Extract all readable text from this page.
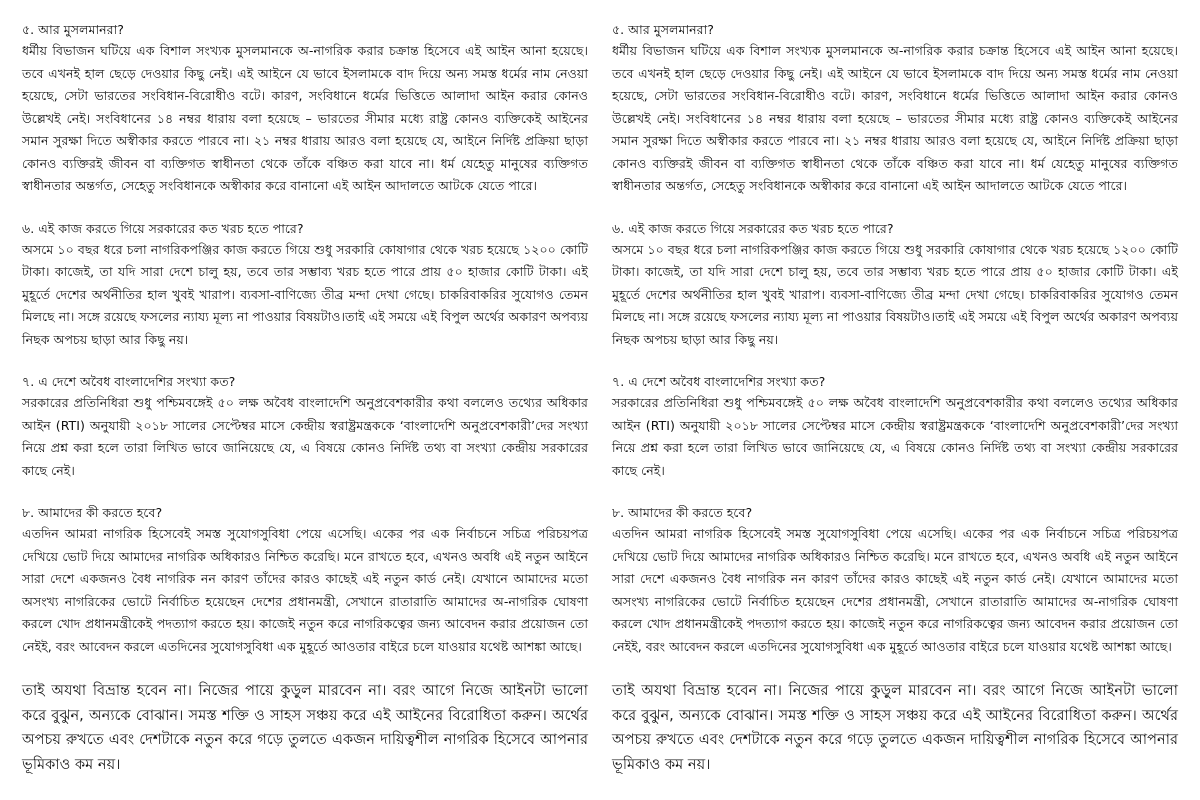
৫. আর মুসলমানরা?

ধর্মীয় বিভাজন ঘটিয়ে এক বিশাল সংখ্যক মুসলমানকে অ-নাগরিক করার চক্রান্ত হিসেবে এই আইন আনা হয়েছে। তবে এখনই হাল ছেড়ে দেওয়ার কিছু নেই। এই আইনে যে ভাবে ইসলামকে বাদ দিয়ে অন্য সমস্ত ধর্মের নাম নেওয়া হয়েছে, সেটা ভারতের সংবিধান-বিরোধীও বটে। কারণ, সংবিধানে ধর্মের ভিত্তিতে আলাদা আইন করার কোনও উল্লেখই নেই। সংবিধানের ১৪ নম্বর ধারায় বলা হয়েছে – ভারতের সীমার মধ্যে রাষ্ট্র কোনও ব্যক্তিকেই আইনের সমান সুরক্ষা দিতে অস্বীকার করতে পারবে না। ২১ নম্বর ধারায় আরও বলা হয়েছে যে, আইনে নির্দিষ্ট প্রক্রিয়া ছাড়া কোনও ব্যক্তিরই জীবন বা ব্যক্তিগত স্বাধীনতা থেকে তাঁকে বঞ্চিত করা যাবে না। ধর্ম যেহেতু মানুষের ব্যক্তিগত স্বাধীনতার অন্তর্গত, সেহেতু সংবিধানকে অস্বীকার করে বানানো এই আইন আদালতে আটকে যেতে পারে।

৬. এই কাজ করতে গিয়ে সরকারের কত খরচ হতে পারে?

অসমে ১০ বছর ধরে চলা নাগরিকপঞ্জির কাজ করতে গিয়ে শুধু সরকারি কোষাগার থেকে খরচ হয়েছে ১২০০ কোটি টাকা। কাজেই, তা যদি সারা দেশে চালু হয়, তবে তার সম্ভাব্য খরচ হতে পারে প্রায় ৫০ হাজার কোটি টাকা। এই মুহূর্তে দেশের অর্থনীতির হাল খুবই খারাপ। ব্যবসা-বাণিজ্যে তীব্র মন্দা দেখা গেছে। চাকরিবাকরির সুযোগও তেমন মিলছে না। সঙ্গে রয়েছে ফসলের ন্যায্য মূল্য না পাওয়ার বিষয়টাও।তাই এই সময়ে এই বিপুল অর্থের অকারণ অপব্যয় নিছক অপচয় ছাড়া আর কিছু নয়।

৭. এ দেশে অবৈধ বাংলাদেশির সংখ্যা কত?

সরকারের প্রতিনিধিরা শুধু পশ্চিমবঙ্গেই ৫০ লক্ষ অবৈধ বাংলাদেশি অনুপ্রবেশকারীর কথা বললেও তথ্যের অধিকার আইন (RTI) অনুযায়ী ২০১৮ সালের সেপ্টেম্বর মাসে কেন্দ্রীয় স্বরাষ্ট্রমন্ত্রককে ‘বাংলাদেশি অনুপ্রবেশকারী’দের সংখ্যা নিয়ে প্রশ্ন করা হলে তারা লিখিত ভাবে জানিয়েছে যে, এ বিষয়ে কোনও নির্দিষ্ট তথ্য বা সংখ্যা কেন্দ্রীয় সরকারের কাছে নেই।

৮. আমাদের কী করতে হবে?

এতদিন আমরা নাগরিক হিসেবেই সমস্ত সুযোগসুবিধা পেয়ে এসেছি। একের পর এক নির্বাচনে সচিত্র পরিচয়পত্র দেখিয়ে ভোট দিয়ে আমাদের নাগরিক অধিকারও নিশ্চিত করেছি। মনে রাখতে হবে, এখনও অবধি এই নতুন আইনে সারা দেশে একজনও বৈধ নাগরিক নন কারণ তাঁদের কারও কাছেই এই নতুন কার্ড নেই। যেখানে আমাদের মতো অসংখ্য নাগরিকের ভোটে নির্বাচিত হয়েছেন দেশের প্রধানমন্ত্রী, সেখানে রাতারাতি আমাদের অ-নাগরিক ঘোষণা করলে খোদ প্রধানমন্ত্রীকেই পদত্যাগ করতে হয়। কাজেই নতুন করে নাগরিকত্বের জন্য আবেদন করার প্রয়োজন তো নেইই, বরং আবেদন করলে এতদিনের সুযোগসুবিধা এক মুহূর্তে আওতার বাইরে চলে যাওয়ার যথেষ্ট আশঙ্কা আছে।

তাই অযথা বিভ্রান্ত হবেন না। নিজের পায়ে কুড়ুল মারবেন না। বরং আগে নিজে আইনটা ভালো করে বুঝুন, অন্যকে বোঝান। সমস্ত শক্তি ও সাহস সঞ্চয় করে এই আইনের বিরোধিতা করুন। অর্থের অপচয় রুখতে এবং দেশটাকে নতুন করে গড়ে তুলতে একজন দায়িত্বশীল নাগরিক হিসেবে আপনার ভূমিকাও কম নয়।

৫. আর মুসলমানরা?

ধর্মীয় বিভাজন ঘটিয়ে এক বিশাল সংখ্যক মুসলমানকে অ-নাগরিক করার চক্রান্ত হিসেবে এই আইন আনা হয়েছে। তবে এখনই হাল ছেড়ে দেওয়ার কিছু নেই। এই আইনে যে ভাবে ইসলামকে বাদ দিয়ে অন্য সমস্ত ধর্মের নাম নেওয়া হয়েছে, সেটা ভারতের সংবিধান-বিরোধীও বটে। কারণ, সংবিধানে ধর্মের ভিত্তিতে আলাদা আইন করার কোনও উল্লেখই নেই। সংবিধানের ১৪ নম্বর ধারায় বলা হয়েছে – ভারতের সীমার মধ্যে রাষ্ট্র কোনও ব্যক্তিকেই আইনের সমান সুরক্ষা দিতে অস্বীকার করতে পারবে না। ২১ নম্বর ধারায় আরও বলা হয়েছে যে, আইনে নির্দিষ্ট প্রক্রিয়া ছাড়া কোনও ব্যক্তিরই জীবন বা ব্যক্তিগত স্বাধীনতা থেকে তাঁকে বঞ্চিত করা যাবে না। ধর্ম যেহেতু মানুষের ব্যক্তিগত স্বাধীনতার অন্তর্গত, সেহেতু সংবিধানকে অস্বীকার করে বানানো এই আইন আদালতে আটকে যেতে পারে।

৬. এই কাজ করতে গিয়ে সরকারের কত খরচ হতে পারে?

অসমে ১০ বছর ধরে চলা নাগরিকপঞ্জির কাজ করতে গিয়ে শুধু সরকারি কোষাগার থেকে খরচ হয়েছে ১২০০ কোটি টাকা। কাজেই, তা যদি সারা দেশে চালু হয়, তবে তার সম্ভাব্য খরচ হতে পারে প্রায় ৫০ হাজার কোটি টাকা। এই মুহূর্তে দেশের অর্থনীতির হাল খুবই খারাপ। ব্যবসা-বাণিজ্যে তীব্র মন্দা দেখা গেছে। চাকরিবাকরির সুযোগও তেমন মিলছে না। সঙ্গে রয়েছে ফসলের ন্যায্য মূল্য না পাওয়ার বিষয়টাও।তাই এই সময়ে এই বিপুল অর্থের অকারণ অপব্যয় নিছক অপচয় ছাড়া আর কিছু নয়।

৭. এ দেশে অবৈধ বাংলাদেশির সংখ্যা কত?

সরকারের প্রতিনিধিরা শুধু পশ্চিমবঙ্গেই ৫০ লক্ষ অবৈধ বাংলাদেশি অনুপ্রবেশকারীর কথা বললেও তথ্যের অধিকার আইন (RTI) অনুযায়ী ২০১৮ সালের সেপ্টেম্বর মাসে কেন্দ্রীয় স্বরাষ্ট্রমন্ত্রককে ‘বাংলাদেশি অনুপ্রবেশকারী’দের সংখ্যা নিয়ে প্রশ্ন করা হলে তারা লিখিত ভাবে জানিয়েছে যে, এ বিষয়ে কোনও নির্দিষ্ট তথ্য বা সংখ্যা কেন্দ্রীয় সরকারের কাছে নেই।

৮. আমাদের কী করতে হবে?

এতদিন আমরা নাগরিক হিসেবেই সমস্ত সুযোগসুবিধা পেয়ে এসেছি। একের পর এক নির্বাচনে সচিত্র পরিচয়পত্র দেখিয়ে ভোট দিয়ে আমাদের নাগরিক অধিকারও নিশ্চিত করেছি। মনে রাখতে হবে, এখনও অবধি এই নতুন আইনে সারা দেশে একজনও বৈধ নাগরিক নন কারণ তাঁদের কারও কাছেই এই নতুন কার্ড নেই। যেখানে আমাদের মতো অসংখ্য নাগরিকের ভোটে নির্বাচিত হয়েছেন দেশের প্রধানমন্ত্রী, সেখানে রাতারাতি আমাদের অ-নাগরিক ঘোষণা করলে খোদ প্রধানমন্ত্রীকেই পদত্যাগ করতে হয়। কাজেই নতুন করে নাগরিকত্বের জন্য আবেদন করার প্রয়োজন তো নেইই, বরং আবেদন করলে এতদিনের সুযোগসুবিধা এক মুহূর্তে আওতার বাইরে চলে যাওয়ার যথেষ্ট আশঙ্কা আছে।

তাই অযথা বিভ্রান্ত হবেন না। নিজের পায়ে কুড়ুল মারবেন না। বরং আগে নিজে আইনটা ভালো করে বুঝুন, অন্যকে বোঝান। সমস্ত শক্তি ও সাহস সঞ্চয় করে এই আইনের বিরোধিতা করুন। অর্থের অপচয় রুখতে এবং দেশটাকে নতুন করে গড়ে তুলতে একজন দায়িত্বশীল নাগরিক হিসেবে আপনার ভূমিকাও কম নয়।
